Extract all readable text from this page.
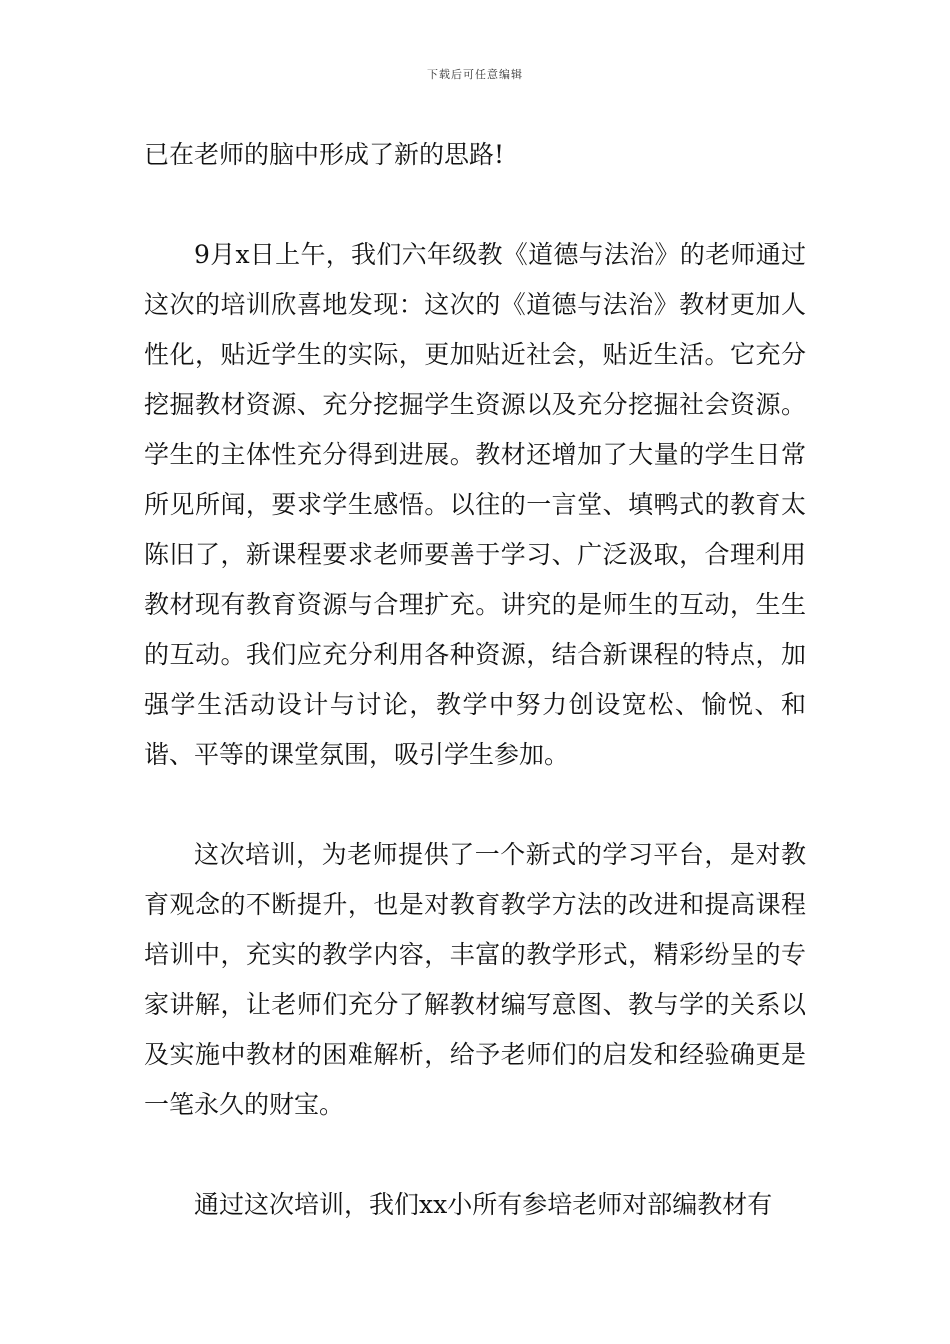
下载后可任意编辑

已在老师的脑中形成了新的思路!

9月x日上午，我们六年级教《道德与法治》的老师通过这次的培训欣喜地发现：这次的《道德与法治》教材更加人性化，贴近学生的实际，更加贴近社会，贴近生活。它充分挖掘教材资源、充分挖掘学生资源以及充分挖掘社会资源。学生的主体性充分得到进展。教材还增加了大量的学生日常所见所闻，要求学生感悟。以往的一言堂、填鸭式的教育太陈旧了，新课程要求老师要善于学习、广泛汲取，合理利用教材现有教育资源与合理扩充。讲究的是师生的互动，生生的互动。我们应充分利用各种资源，结合新课程的特点，加强学生活动设计与讨论，教学中努力创设宽松、愉悦、和谐、平等的课堂氛围，吸引学生参加。

这次培训，为老师提供了一个新式的学习平台，是对教育观念的不断提升，也是对教育教学方法的改进和提高课程培训中，充实的教学内容，丰富的教学形式，精彩纷呈的专家讲解，让老师们充分了解教材编写意图、教与学的关系以及实施中教材的困难解析，给予老师们的启发和经验确更是一笔永久的财宝。

通过这次培训，我们xx小所有参培老师对部编教材有
